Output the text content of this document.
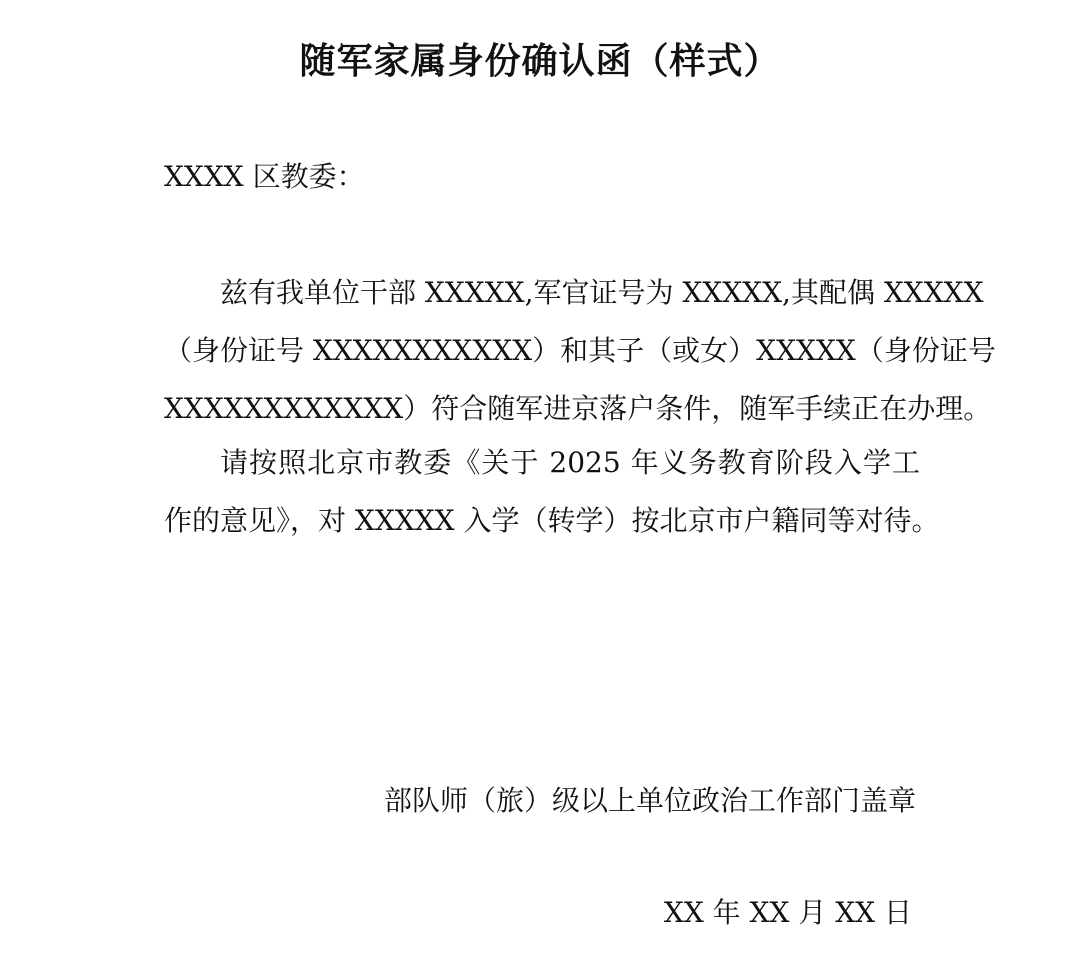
随军家属身份确认函（样式）
XXXX 区教委：
兹有我单位干部 XXXXX,军官证号为 XXXXX,其配偶 XXXXX
（身份证号 XXXXXXXXXXX）和其子（或女）XXXXX（身份证号
XXXXXXXXXXXX）符合随军进京落户条件，随军手续正在办理。
请按照北京市教委《关于 2025 年义务教育阶段入学工
作的意见》，对 XXXXX 入学（转学）按北京市户籍同等对待。
部队师（旅）级以上单位政治工作部门盖章
XX 年 XX 月 XX 日
